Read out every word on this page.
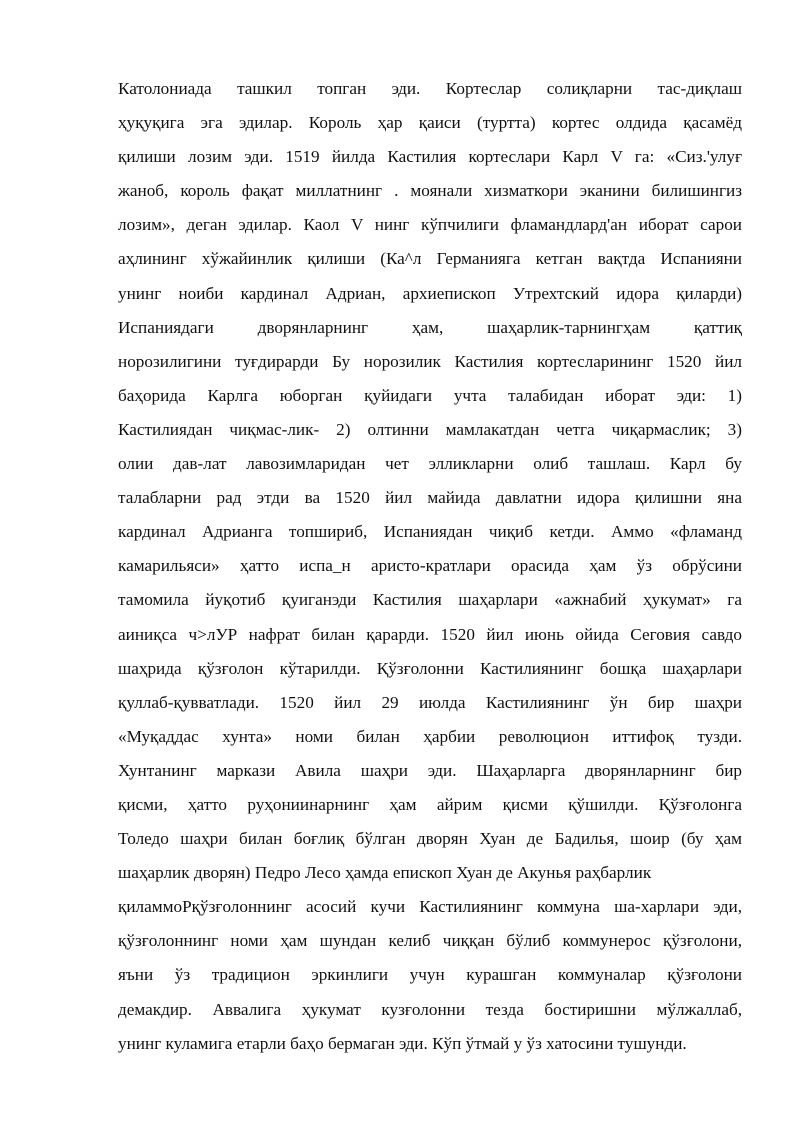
Католониада ташкил топган эди. Кортеслар солиқларни тас-диқлаш
ҳуқуқига эга эдилар. Король ҳар қаиси (туртта) кортес олдида қасамёд
қилиши лозим эди. 1519 йилда Кастилия кортеслари Карл V га: «Сиз.'улуғ
жаноб, король фақат миллатнинг . моянали хизматкори эканини билишингиз
лозим», деган эдилар. Каол V нинг кўпчилиги фламандлард'ан иборат сарои
аҳлининг хўжайинлик қилиши (Ка^л Германияга кетган вақтда Испанияни
унинг ноиби кардинал Адриан, архиепископ Утрехтский идора қиларди)
Испаниядаги дворянларнинг ҳам, шаҳарлик-тарнингҳам қаттиқ
норозилигини туғдирарди Бу норозилик Кастилия кортесларининг 1520 йил
баҳорида Карлга юборган қуйидаги учта талабидан иборат эди: 1)
Кастилиядан чиқмас-лик- 2) олтинни мамлакатдан четга чиқармаслик; 3)
олии дав-лат лавозимларидан чет элликларни олиб ташлаш. Карл бу
талабларни рад этди ва 1520 йил майида давлатни идора қилишни яна
кардинал Адрианга топшириб, Испаниядан чиқиб кетди. Аммо «фламанд
камарильяси» ҳатто испа_н аристо-кратлари орасида ҳам ўз обрўсини
тамомила йуқотиб қуиганэди Кастилия шаҳарлари «ажнабий ҳукумат» га
аиниқса ч>лУР нафрат билан қарарди. 1520 йил июнь ойида Сеговия савдо
шаҳрида қўзғолон кўтарилди. Қўзғолонни Кастилиянинг бошқа шаҳарлари
қуллаб-қувватлади. 1520 йил 29 июлда Кастилиянинг ўн бир шаҳри
«Муқаддас хунта» номи билан ҳарбии революцион иттифоқ тузди.
Хунтанинг маркази Авила шаҳри эди. Шаҳарларга дворянларнинг бир
қисми, ҳатто руҳониинарнинг ҳам айрим қисми қўшилди. Қўзғолонга
Толедо шаҳри билан боғлиқ бўлган дворян Хуан де Бадилья, шоир (бу ҳам
шаҳарлик дворян) Педро Лесо ҳамда епископ Хуан де Акунья раҳбарлик
қиламмоРқўзғолоннинг асосий кучи Кастилиянинг коммуна ша-харлари эди,
қўзғолоннинг номи ҳам шундан келиб чиққан бўлиб коммунерос қўзғолони,
яъни ўз традицион эркинлиги учун курашган коммуналар қўзғолони
демакдир. Аввалига ҳукумат кузғолонни тезда бостиришни мўлжаллаб,
унинг куламига етарли баҳо бермаган эди. Кўп ўтмай у ўз хатосини тушунди.
